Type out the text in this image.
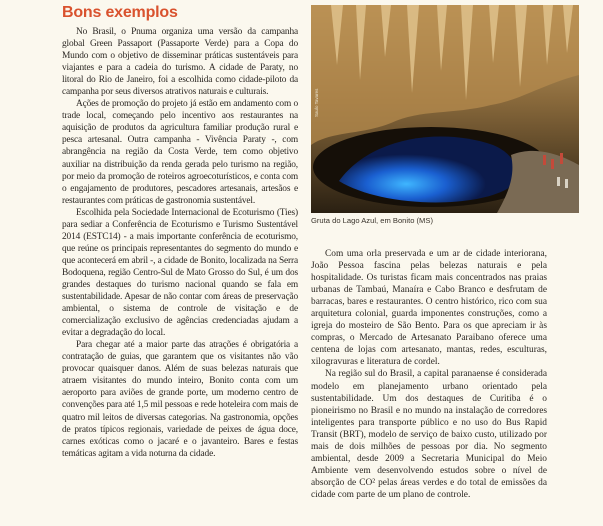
Bons exemplos

No Brasil, o Pnuma organiza uma versão da campanha global Green Passaport (Passaporte Verde) para a Copa do Mundo com o objetivo de disseminar práticas sustentáveis para viajantes e para a cadeia do turismo. A cidade de Paraty, no litoral do Rio de Janeiro, foi a escolhida como cidade-piloto da campanha por seus diversos atrativos naturais e culturais.

Ações de promoção do projeto já estão em andamento com o trade local, começando pelo incentivo aos restaurantes na aquisição de produtos da agricultura familiar produção rural e pesca artesanal. Outra campanha - Vivência Paraty -, com abrangência na região da Costa Verde, tem como objetivo auxiliar na distribuição da renda gerada pelo turismo na região, por meio da promoção de roteiros agroecoturísticos, e conta com o engajamento de produtores, pescadores artesanais, artesãos e restaurantes com práticas de gastronomia sustentável.

Escolhida pela Sociedade Internacional de Ecoturismo (Ties) para sediar a Conferência de Ecoturismo e Turismo Sustentável 2014 (ESTC14) - a mais importante conferência de ecoturismo, que reúne os principais representantes do segmento do mundo e que acontecerá em abril -, a cidade de Bonito, localizada na Serra Bodoquena, região Centro-Sul de Mato Grosso do Sul, é um dos grandes destaques do turismo nacional quando se fala em sustentabilidade. Apesar de não contar com áreas de preservação ambiental, o sistema de controle de visitação e de comercialização exclusivo de agências credenciadas ajudam a evitar a degradação do local.

Para chegar até a maior parte das atrações é obrigatória a contratação de guias, que garantem que os visitantes não vão provocar quaisquer danos. Além de suas belezas naturais que atraem visitantes do mundo inteiro, Bonito conta com um aeroporto para aviões de grande porte, um moderno centro de convenções para até 1,5 mil pessoas e rede hoteleira com mais de quatro mil leitos de diversas categorias. Na gastronomia, opções de pratos típicos regionais, variedade de peixes de água doce, carnes exóticas como o jacaré e o javanteiro. Bares e festas temáticas agitam a vida noturna da cidade.

Saulo Tavares
Gruta do Lago Azul, em Bonito (MS)

Com uma orla preservada e um ar de cidade interiorana, João Pessoa fascina pelas belezas naturais e pela hospitalidade. Os turistas ficam mais concentrados nas praias urbanas de Tambaú, Manaíra e Cabo Branco e desfrutam de barracas, bares e restaurantes. O centro histórico, rico com sua arquitetura colonial, guarda imponentes construções, como a igreja do mosteiro de São Bento. Para os que apreciam ir às compras, o Mercado de Artesanato Paraibano oferece uma centena de lojas com artesanato, mantas, redes, esculturas, xilogravuras e literatura de cordel.

Na região sul do Brasil, a capital paranaense é considerada modelo em planejamento urbano orientado pela sustentabilidade. Um dos destaques de Curitiba é o pioneirismo no Brasil e no mundo na instalação de corredores inteligentes para transporte público e no uso do Bus Rapid Transit (BRT), modelo de serviço de baixo custo, utilizado por mais de dois milhões de pessoas por dia. No segmento ambiental, desde 2009 a Secretaria Municipal do Meio Ambiente vem desenvolvendo estudos sobre o nível de absorção de CO² pelas áreas verdes e do total de emissões da cidade com parte de um plano de controle.
